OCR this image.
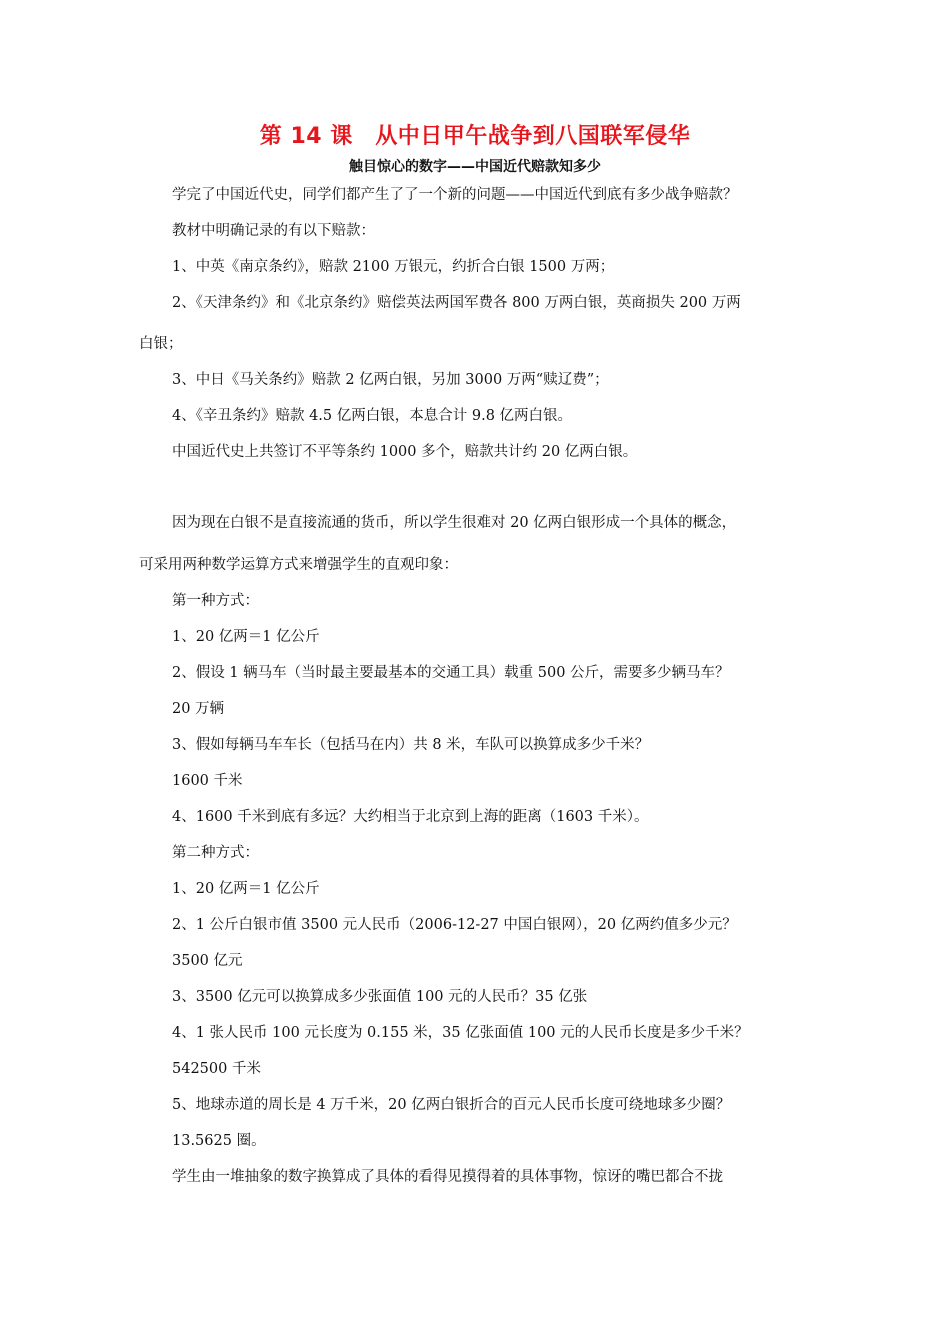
第 14 课　从中日甲午战争到八国联军侵华
触目惊心的数字——中国近代赔款知多少
学完了中国近代史，同学们都产生了了一个新的问题——中国近代到底有多少战争赔款？
教材中明确记录的有以下赔款：
1、中英《南京条约》，赔款 2100 万银元，约折合白银 1500 万两；
2、《天津条约》和《北京条约》赔偿英法两国军费各 800 万两白银，英商损失 200 万两
白银；
3、中日《马关条约》赔款 2 亿两白银，另加 3000 万两“赎辽费”；
4、《辛丑条约》赔款 4.5 亿两白银，本息合计 9.8 亿两白银。
中国近代史上共签订不平等条约 1000 多个，赔款共计约 20 亿两白银。
因为现在白银不是直接流通的货币，所以学生很难对 20 亿两白银形成一个具体的概念，
可采用两种数学运算方式来增强学生的直观印象：
第一种方式：
1、20 亿两＝1 亿公斤
2、假设 1 辆马车（当时最主要最基本的交通工具）载重 500 公斤，需要多少辆马车？
20 万辆
3、假如每辆马车车长（包括马在内）共 8 米，车队可以换算成多少千米？
1600 千米
4、1600 千米到底有多远？大约相当于北京到上海的距离（1603 千米）。
第二种方式：
1、20 亿两＝1 亿公斤
2、1 公斤白银市值 3500 元人民币（2006-12-27 中国白银网），20 亿两约值多少元？
3500 亿元
3、3500 亿元可以换算成多少张面值 100 元的人民币？35 亿张
4、1 张人民币 100 元长度为 0.155 米，35 亿张面值 100 元的人民币长度是多少千米？
542500 千米
5、地球赤道的周长是 4 万千米，20 亿两白银折合的百元人民币长度可绕地球多少圈？
13.5625 圈。
学生由一堆抽象的数字换算成了具体的看得见摸得着的具体事物，惊讶的嘴巴都合不拢
